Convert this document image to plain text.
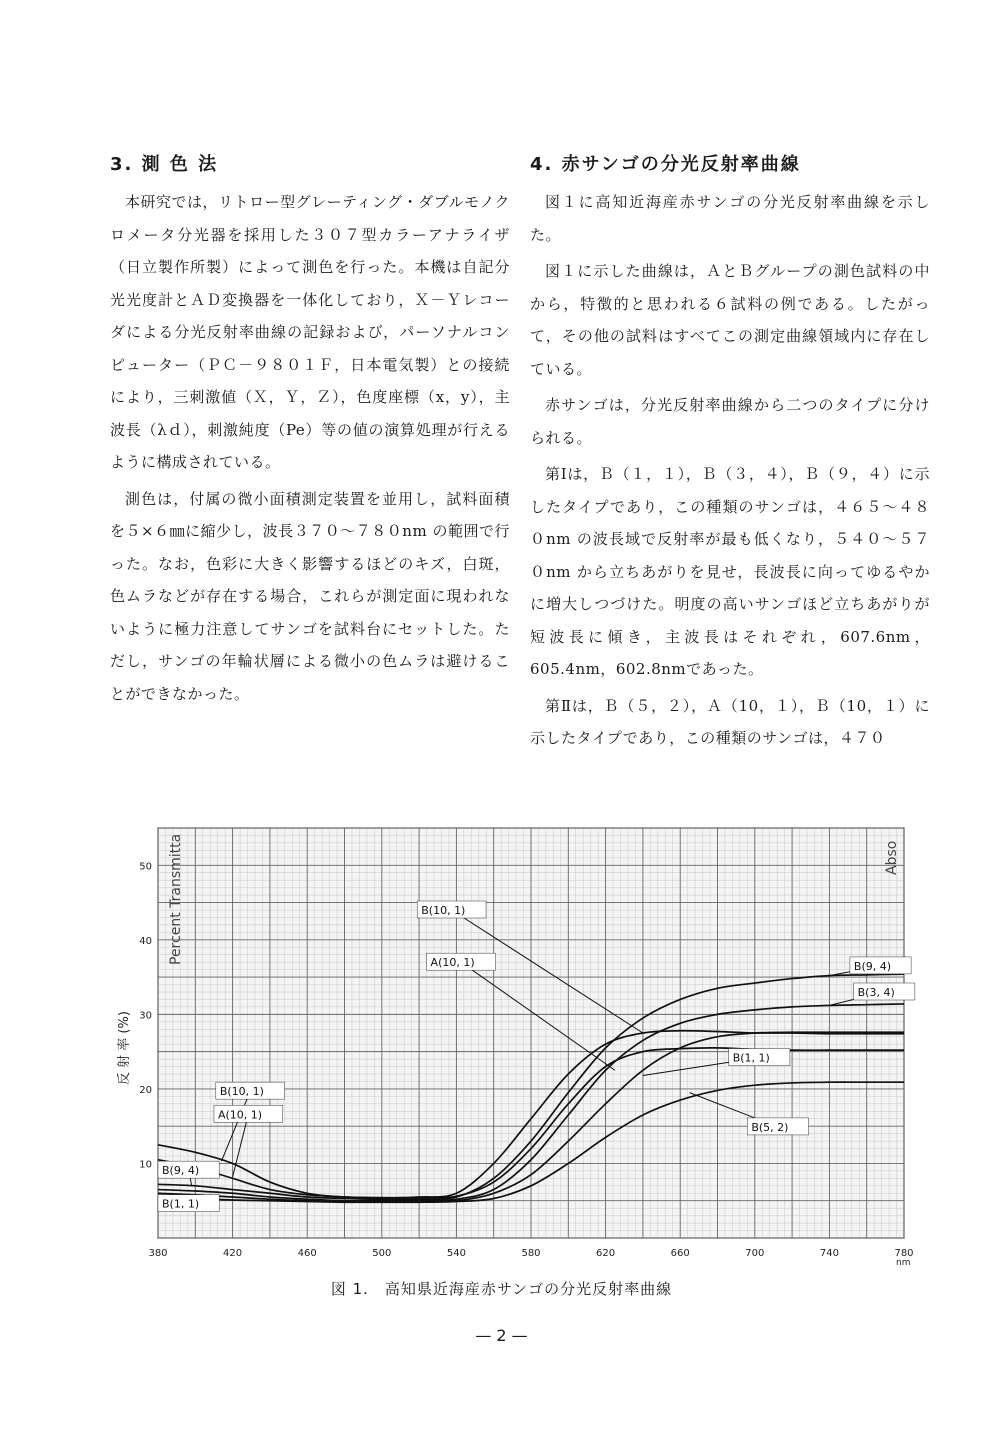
3. 測 色 法

本研究では，リトロー型グレーティング・ダブルモノクロメータ分光器を採用した３０７型カラーアナライザ（日立製作所製）によって測色を行った。本機は自記分光光度計とＡＤ変換器を一体化しており，Ｘ－Ｙレコーダによる分光反射率曲線の記録および，パーソナルコンピューター（ＰＣ－９８０１Ｆ，日本電気製）との接続により，三刺激値（Ｘ，Ｙ，Ｚ），色度座標（x，y），主波長（λｄ），刺激純度（Pe）等の値の演算処理が行えるように構成されている。

測色は，付属の微小面積測定装置を並用し，試料面積を５×６㎜に縮少し，波長３７０～７８０nm の範囲で行った。なお，色彩に大きく影響するほどのキズ，白斑，色ムラなどが存在する場合，これらが測定面に現われないように極力注意してサンゴを試料台にセットした。ただし，サンゴの年輪状層による微小の色ムラは避けることができなかった。

4. 赤サンゴの分光反射率曲線

図１に高知近海産赤サンゴの分光反射率曲線を示した。

図１に示した曲線は，ＡとＢグループの測色試料の中から，特徴的と思われる６試料の例である。したがって，その他の試料はすべてこの測定曲線領域内に存在している。

赤サンゴは，分光反射率曲線から二つのタイプに分けられる。

第Ⅰは，Ｂ（１，１），Ｂ（３，４），Ｂ（９，４）に示したタイプであり，この種類のサンゴは，４６５～４８０nm の波長域で反射率が最も低くなり，５４０～５７０nm から立ちあがりを見せ，長波長に向ってゆるやかに増大しつづけた。明度の高いサンゴほど立ちあがりが短波長に傾き，主波長はそれぞれ，607.6nm，605.4nm，602.8nmであった。

第Ⅱは，Ｂ（５，２），Ａ（10，１），Ｂ（10，１）に示したタイプであり，この種類のサンゴは，４７０

380	420	460	500	540	580	620	660	700	740	780
10
20
30
40
50
B(10, 1)
A(10, 1)	B(9, 4)
B(3, 4)
B(1, 1)
B(5, 2)
B(10, 1)
A(10, 1)
B(9, 4)
B(1, 1)
Percent Transmitta	Abso
反 射 率 (%)
nm
図 1.　高知県近海産赤サンゴの分光反射率曲線
— 2 —
